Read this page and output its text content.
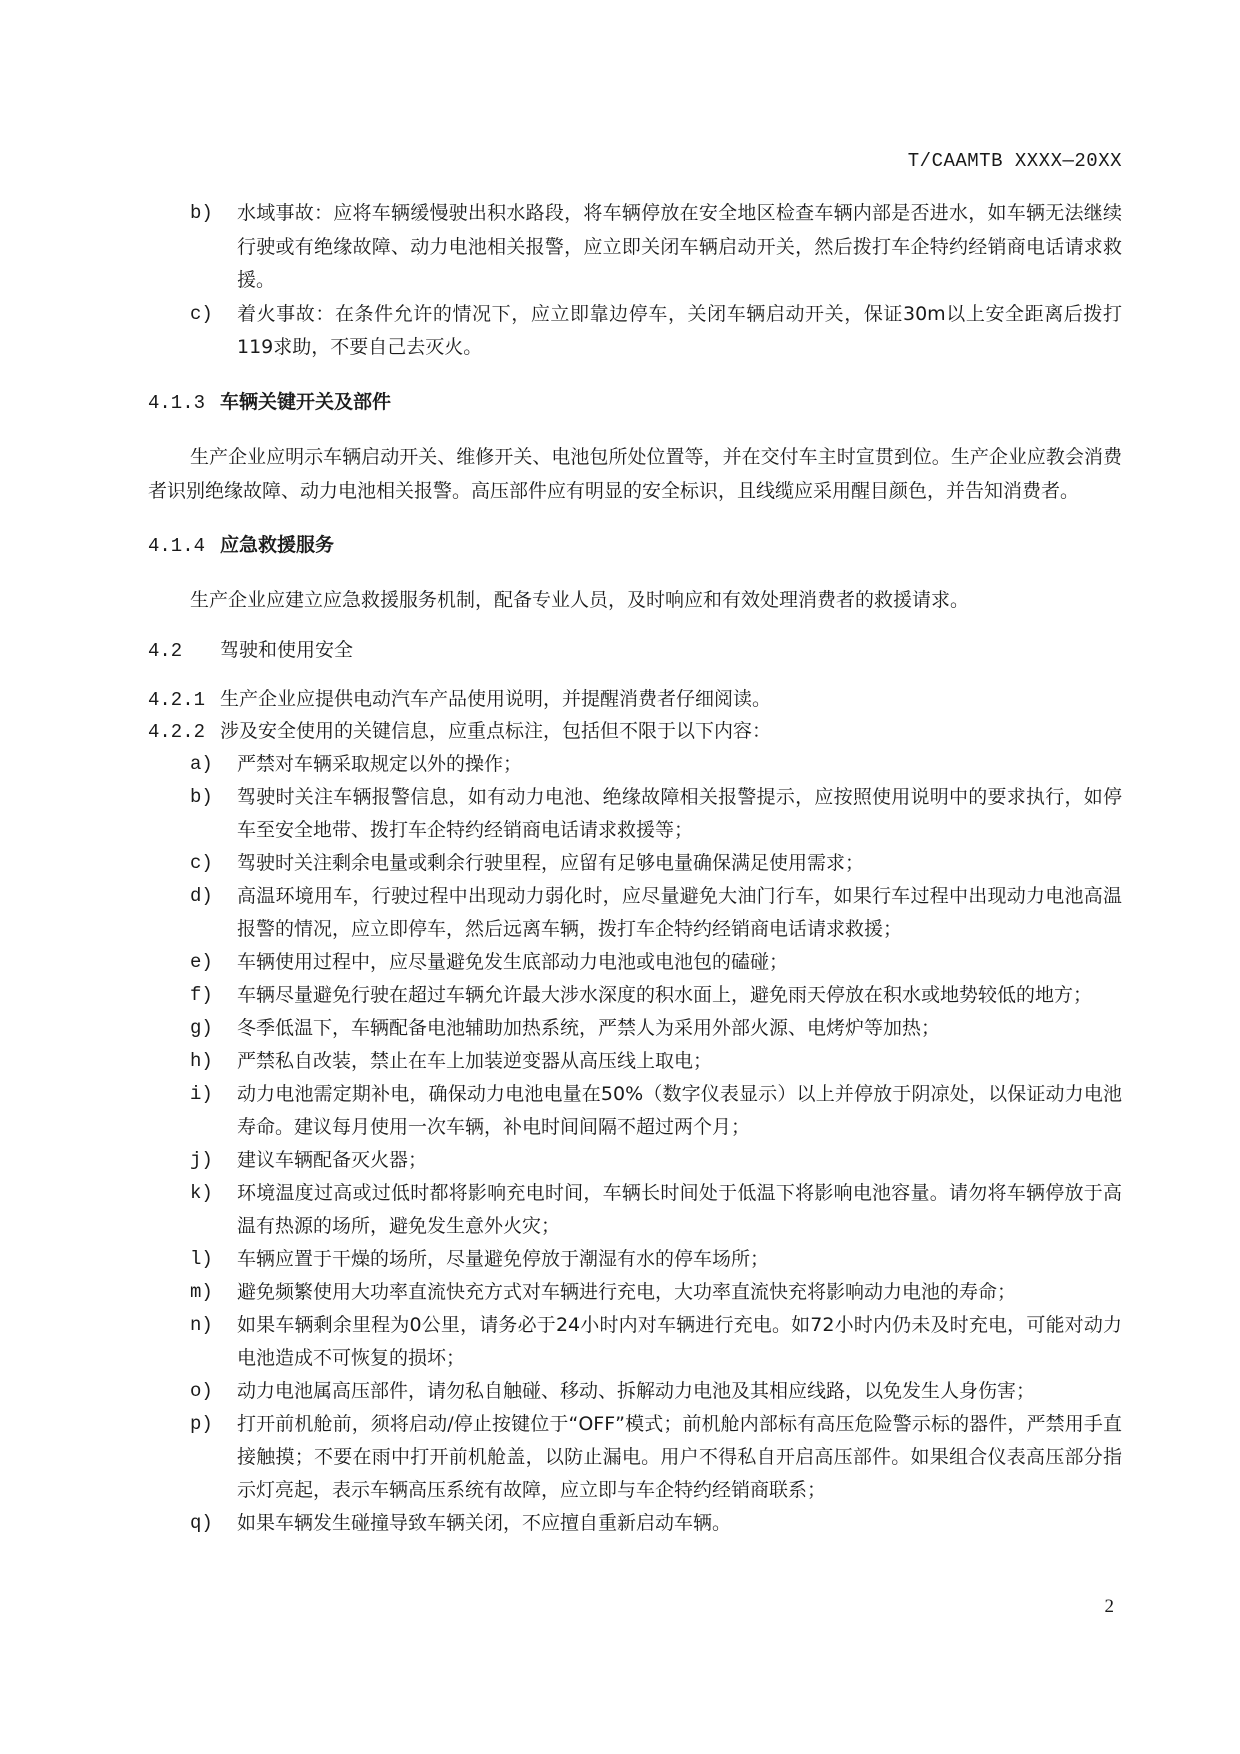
T/CAAMTB XXXX—20XX
b) 水域事故：应将车辆缓慢驶出积水路段，将车辆停放在安全地区检查车辆内部是否进水，如车辆无法继续行驶或有绝缘故障、动力电池相关报警，应立即关闭车辆启动开关，然后拨打车企特约经销商电话请求救援。
c) 着火事故：在条件允许的情况下，应立即靠边停车，关闭车辆启动开关，保证30m以上安全距离后拨打119求助，不要自己去灭火。
4.1.3 车辆关键开关及部件
生产企业应明示车辆启动开关、维修开关、电池包所处位置等，并在交付车主时宣贯到位。生产企业应教会消费者识别绝缘故障、动力电池相关报警。高压部件应有明显的安全标识，且线缆应采用醒目颜色，并告知消费者。
4.1.4 应急救援服务
生产企业应建立应急救援服务机制，配备专业人员，及时响应和有效处理消费者的救援请求。
4.2 驾驶和使用安全
4.2.1 生产企业应提供电动汽车产品使用说明，并提醒消费者仔细阅读。
4.2.2 涉及安全使用的关键信息，应重点标注，包括但不限于以下内容：
a) 严禁对车辆采取规定以外的操作；
b) 驾驶时关注车辆报警信息，如有动力电池、绝缘故障相关报警提示，应按照使用说明中的要求执行，如停车至安全地带、拨打车企特约经销商电话请求救援等；
c) 驾驶时关注剩余电量或剩余行驶里程，应留有足够电量确保满足使用需求；
d) 高温环境用车，行驶过程中出现动力弱化时，应尽量避免大油门行车，如果行车过程中出现动力电池高温报警的情况，应立即停车，然后远离车辆，拨打车企特约经销商电话请求救援；
e) 车辆使用过程中，应尽量避免发生底部动力电池或电池包的磕碰；
f) 车辆尽量避免行驶在超过车辆允许最大涉水深度的积水面上，避免雨天停放在积水或地势较低的地方；
g) 冬季低温下，车辆配备电池辅助加热系统，严禁人为采用外部火源、电烤炉等加热；
h) 严禁私自改装，禁止在车上加装逆变器从高压线上取电；
i) 动力电池需定期补电，确保动力电池电量在50%（数字仪表显示）以上并停放于阴凉处，以保证动力电池寿命。建议每月使用一次车辆，补电时间间隔不超过两个月；
j) 建议车辆配备灭火器；
k) 环境温度过高或过低时都将影响充电时间，车辆长时间处于低温下将影响电池容量。请勿将车辆停放于高温有热源的场所，避免发生意外火灾；
l) 车辆应置于干燥的场所，尽量避免停放于潮湿有水的停车场所；
m) 避免频繁使用大功率直流快充方式对车辆进行充电，大功率直流快充将影响动力电池的寿命；
n) 如果车辆剩余里程为0公里，请务必于24小时内对车辆进行充电。如72小时内仍未及时充电，可能对动力电池造成不可恢复的损坏；
o) 动力电池属高压部件，请勿私自触碰、移动、拆解动力电池及其相应线路，以免发生人身伤害；
p) 打开前机舱前，须将启动/停止按键位于“OFF”模式；前机舱内部标有高压危险警示标的器件，严禁用手直接触摸；不要在雨中打开前机舱盖，以防止漏电。用户不得私自开启高压部件。如果组合仪表高压部分指示灯亮起，表示车辆高压系统有故障，应立即与车企特约经销商联系；
q) 如果车辆发生碰撞导致车辆关闭，不应擅自重新启动车辆。
2
